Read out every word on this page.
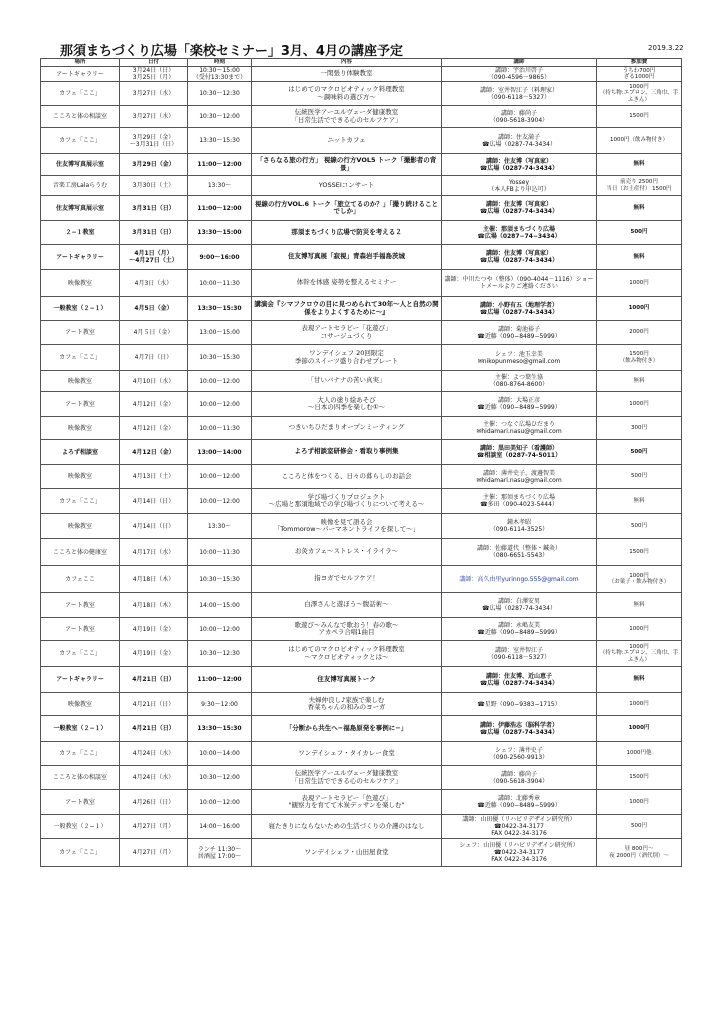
那須まちづくり広場「楽校セミナー」3月、4月の講座予定	2019.3.22
場所	日付	時刻	内容	講師	参加費
アートギャラリー	3月24日（日）
3月25日（月）	10:30〜15:00
（受付13:30まで）	一閑張り体験教室	講師：宇治川啓子
（090-4596－9865）	うちわ700円
ざる1000円
カフェ「ここ」	3月27日（水）	10:30〜12:30	はじめてのマクロビオティック料理教室
〜調味料の選び方〜	講師：室井智江子（料理家）
（090-6118－5327）	1000円
（持ち物:エプロン、三角巾、手ふきん）
こころと体の相談室	3月27日（水）	10:30〜12:00	伝統医学アーユルヴェーダ健康教室
「日常生活でできる心のセルフケア」	講師：藤尚子
（090-5618-3904）	1500円
カフェ「ここ」	3月29日（金）
〜3月31日（日）	13:30〜15:30	ニットカフェ	講師：住友満子
☎広場（0287-74-3434）	1000円（飲み物付き）
住友博写真展示室	3月29日（金）	11:00〜12:00	「さらなる旅の行方」 視線の行方VOL5 トーク「撮影者の背景」	講師：住友博（写真家）
☎広場（0287-74-3434）	無料
音楽工房Lalaらうむ	3月30日（土）	13:30〜	YOSSEIコンサート	Yossey
（本人FBより申込可）	前売り 2500円
当日（お土産付） 1500円
住友博写真展示室	3月31日（日）	11:00〜12:00	視線の行方VOL.6 トーク「旅立てるのか？」「撮り続けることでしか」	講師：住友博（写真家）
☎広場（0287-74-3434）	無料
２−１教室	3月31日（日）	13:30〜15:00	那須まちづくり広場で防災を考える２	主催：那須まちづくり広場
☎広場（0287−74−3434）	500円
アートギャラリー	4月1日（月）
〜4月27日（土）	9:00〜16:00	住友博写真展「寂視」青森岩手福島茨城	講師：住友博（写真家）
☎広場（0287-74-3434）	無料
映像教室	4月3日（水）	10:00〜11:30	体幹を体感 姿勢を整えるセミナー	講師：中川たつや（整体）（090-4044－1116）ショートメールよりご連絡ください	1000円
一般教室（２−１）	4月5日（金）	13:30〜15:30	講演会『シマフクロウの目に見つめられて30年〜人と自然の関係をよりよくするために〜』	講師：小野有五（地理学者）
☎広場（0287-74-3434）	1000円
アート教室	4月５日（金）	13:00〜15:00	表現アートセラピー「花遊び」
コサージュづくり	講師：菊池裕子
☎近藤（090−8489−5999）	2000円
カフェ「ここ」	4月7日（日）	10:30〜15:30	ワンデイシェフ 20回限定
季節のスイーツ盛り合わせプレート	シェフ：池玉幸美
✉nikopunmeso@gmail.com	1500円
（飲み物付き）
映像教室	4月10日（水）	10:00〜12:00	「甘いバナナの苦い真実」	主催：よつ葉生協
（080-8764-8600）	無料
アート教室	4月12日（金）	10:00〜12:00	大人の塗り絵あそび
〜日本の四季を楽しむ①〜	講師：大場正彦
☎近藤（090−8489−5999）	1000円
映像教室	4月12日（金）	10:00〜11:30	つきいちひだまりオープンミーティング	主催：つなぐ広場ひだまり
✉hidamari.nasu@gmail.com	300円
よろず相談室	4月12日（金）	13:00〜14:00	よろず相談室研修会・看取り事例集	講師：黒田美知子（看護師）
☎相談室（0287-74-5011）	500円
映像教室	4月13日（土）	10:00〜12:00	こころと体をつくる、日々の暮らしのお話会	講師：薄井史子、渡邊智美
✉hidamari.nasu@gmail.com	500円
カフェ「ここ」	4月14日（日）	10:00〜12:00	学び場づくりプロジェクト
〜広場と那須地域での学び場づくりについて考える〜	主催：那須まちづくり広場
☎多田（090-4023-5444）	無料
映像教室	4月14日（日）	13:30〜	映像を見て語る会
「Tommorow〜パーマネントライフを探して〜」	鐘木孝昭
（090-6114-3525）	500円
こころと体の健康室	4月17日（水）	10:00〜11:30	お灸カフェ〜ストレス・イライラ〜	講師：佐藤道代（整体・鍼灸）
（080-6651-5543）	1500円
カフェここ	4月18日（木）	10:30〜15:30	指ヨガでセルフケア！	講師：高久由里yurinngo.555@gmail.com	1000円
（お菓子・飲み物付き）
アート教室	4月18日（木）	14:00〜15:00	白澤さんと遊ぼう〜腹話術〜	講師：白澤安男
☎広場（0287-74-3434）	無料
アート教室	4月19日（金）	10:00〜12:00	歌遊び〜みんなで歌おう！春の歌〜
アカペラ合唱1曲目	講師：永嶋友美
☎近藤（090−8489−5999）	1000円
カフェ「ここ」	4月19日（金）	10:30〜12:30	はじめてのマクロビオティック料理教室
〜マクロビオティックとは〜	講師：室井智江子
（090-6118－5327）	1000円
（持ち物:エプロン、三角巾、手ふきん）
アートギャラリー	4月21日（日）	11:00〜12:00	住友博写真展トーク	講師：住友博、近山恵子
☎広場（0287-74-3434）	無料
映像教室	4月21日（日）	9:30〜12:00	夫婦仲良し♪家族で楽しむ
香菜ちゃんの和みのヨーガ	☎星野（090−9383−1715）	1000円
一般教室（２−１）	4月21日（日）	13:30〜15:30	「分断から共生へ−福島原発を事例に−」	講師：伊藤浩志（脳科学者）
☎広場（0287-74-3434）	1000円
カフェ「ここ」	4月24日（水）	10:00〜14:00	ワンデイシェフ・タイカレー食堂	シェフ：薄井史子
（090-2560-9913）	1000円他
こころと体の相談室	4月24日（水）	10:30〜12:00	伝統医学アーユルヴェーダ健康教室
「日常生活でできる心のセルフケア」	講師：藤尚子
（090-5618-3904）	1500円
アート教室	4月26日（日）	10:00〜12:00	表現アートセラピー「色遊び」
"観察力を育てて木炭デッサンを楽しむ"	講師：北藤秀章
☎近藤（090−8489−5999）	1000円
一般教室（２−１）	4月27日（月）	14:00〜16:00	寝たきりにならないための生活づくりの介護のはなし	講師：山田優（リハビリデザイン研究所）
☎0422-34-3177
FAX 0422-34-3176	500円
カフェ「ここ」	4月27日（月）	ランチ 11:30〜
居酒屋 17:00〜	ワンデイシェフ・山田屋食堂	シェフ：山田優（リハビリデザイン研究所）
☎0422-34-3177
FAX 0422-34-3176	昼 800円〜
夜 2000円（酒代別）〜
